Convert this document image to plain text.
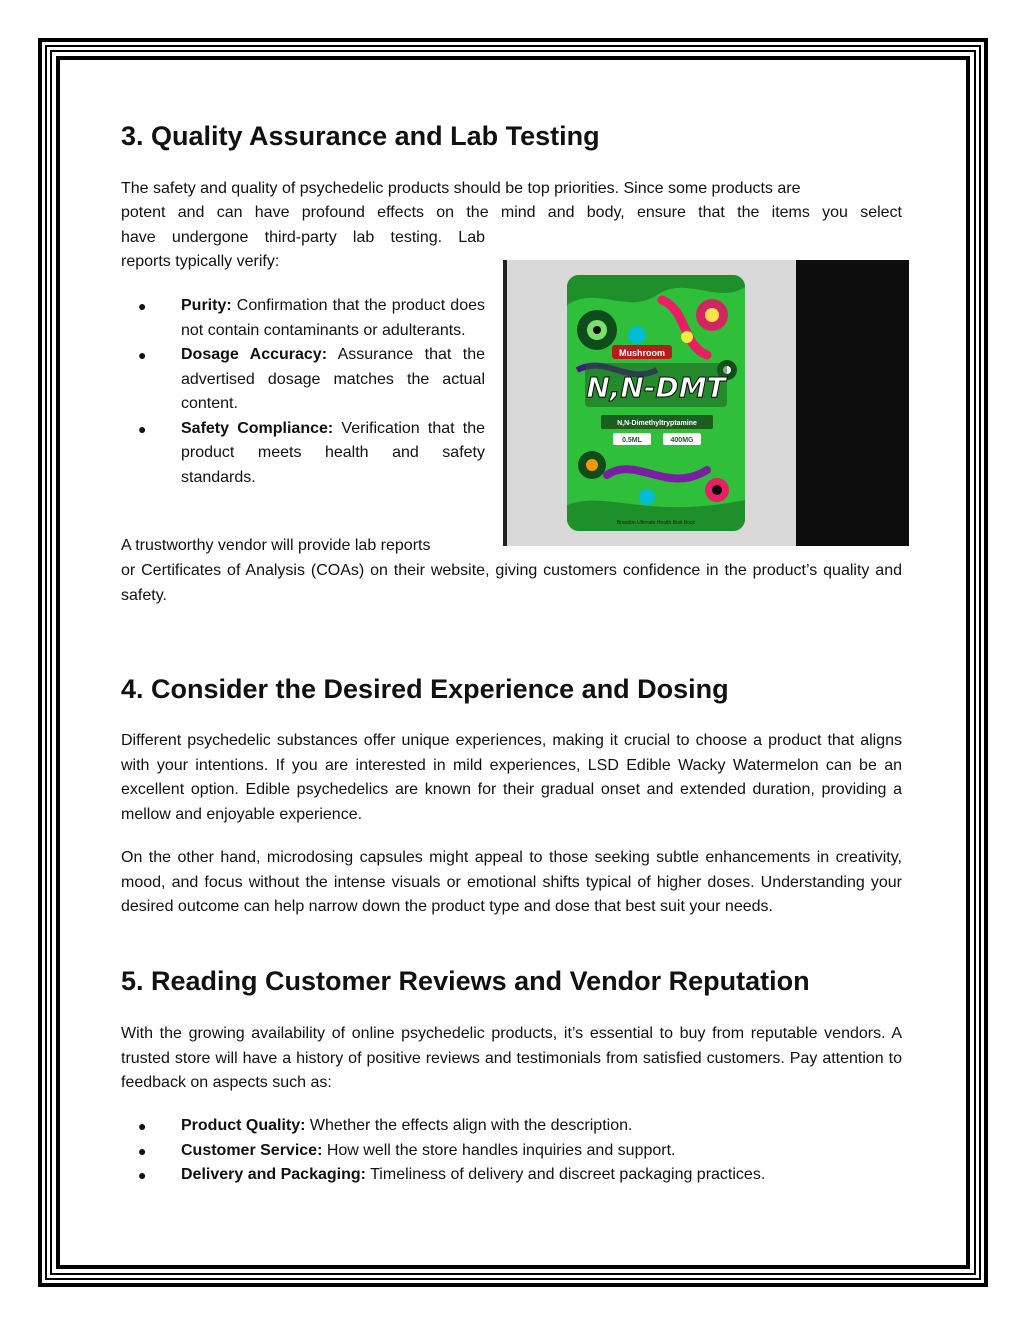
3. Quality Assurance and Lab Testing

The safety and quality of psychedelic products should be top priorities. Since some products are

potent and can have profound effects on the mind and body, ensure that the items you select

have undergone third-party lab testing. Lab

reports typically verify:

● Purity: Confirmation that the product does not contain contaminants or adulterants.
● Dosage Accuracy: Assurance that the advertised dosage matches the actual content.
● Safety Compliance: Verification that the product meets health and safety standards.

A trustworthy vendor will provide lab reports

or Certificates of Analysis (COAs) on their website, giving customers confidence in the product’s quality and safety.

4. Consider the Desired Experience and Dosing

Different psychedelic substances offer unique experiences, making it crucial to choose a product that aligns with your intentions. If you are interested in mild experiences, LSD Edible Wacky Watermelon can be an excellent option. Edible psychedelics are known for their gradual onset and extended duration, providing a mellow and enjoyable experience.

On the other hand, microdosing capsules might appeal to those seeking subtle enhancements in creativity, mood, and focus without the intense visuals or emotional shifts typical of higher doses. Understanding your desired outcome can help narrow down the product type and dose that best suit your needs.

5. Reading Customer Reviews and Vendor Reputation

With the growing availability of online psychedelic products, it’s essential to buy from reputable vendors. A trusted store will have a history of positive reviews and testimonials from satisfied customers. Pay attention to feedback on aspects such as:

● Product Quality: Whether the effects align with the description.
● Customer Service: How well the store handles inquiries and support.
● Delivery and Packaging: Timeliness of delivery and discreet packaging practices.
Mushroom
N,N-DMT
N,N-Dimethyltryptamine
0.5ML	400MG
Brandon Ultimate Health Boxl Book
